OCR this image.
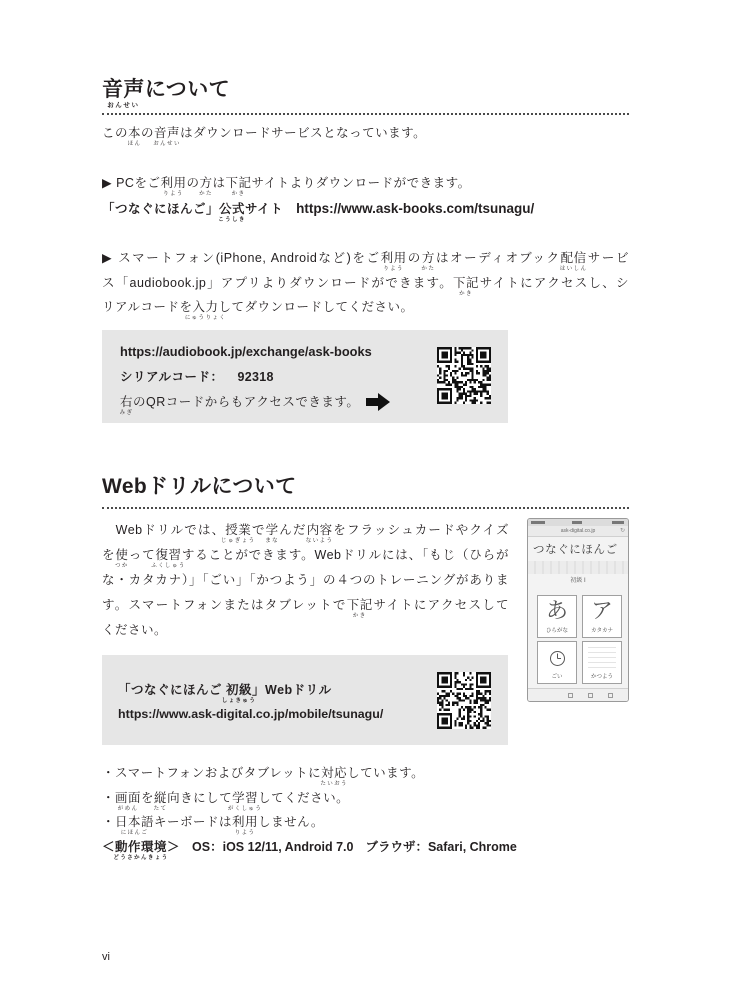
音声
おんせい
について
この本
ほん
の音声
おんせい
はダウンロードサービスとなっています。
▶ PCをご利用
りよう
の方
かた
は下記
かき
サイトよりダウンロードができます。
「つなぐにほんご」公式
こうしき
サイト https://www.ask-books.com/tsunagu/
▶ スマートフォン(iPhone, Androidなど)をご利用
りよう
の方
かた
はオーディオブック配信
はいしん
サービ
ス「audiobook.jp」アプリよりダウンロードができます。下記
かき
サイトにアクセスし、シ
リアルコードを入力
にゅうりょく
してダウンロードしてください。
https://audiobook.jp/exchange/ask-books
シリアルコード： 92318
右
みぎ
のQRコードからもアクセスできます。
Webドリルについて
　Webドリルでは、授業
じゅぎょう
で学
まな
んだ内容
ないよう
をフラッシュカードやクイズ
を使
つか
って復習
ふくしゅう
することができます。Webドリルには、「もじ（ひらが
な・カタカナ）」「ごい」「かつよう」の４つのトレーニングがありま
す。スマートフォンまたはタブレットで下記
かき
サイトにアクセスして
ください。
ask-digital.co.jp	↻
つなぐにほんご
初級 I
あ
ひらがな
ア
カタカナ
ごい	かつよう
「つなぐにほんご 初級
しょきゅう
」Webドリル
https://www.ask-digital.co.jp/mobile/tsunagu/
・スマートフォンおよびタブレットに対応
たいおう
しています。
・画面
がめん
を縦
たて
向きにして学習
がくしゅう
してください。
・日本語
にほんご
キーボードは利用
りよう
しません。
＜動作環境
どうさかんきょう
＞ OS：iOS 12/11, Android 7.0 ブラウザ：Safari, Chrome
vi
